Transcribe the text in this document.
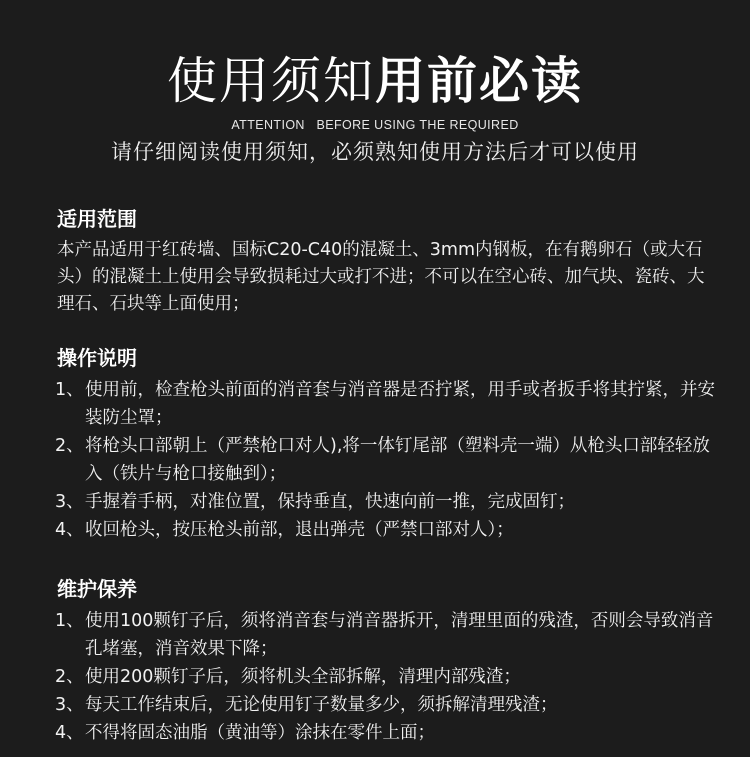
使用须知用前必读
ATTENTION   BEFORE USING THE REQUIRED
请仔细阅读使用须知，必须熟知使用方法后才可以使用
适用范围

本产品适用于红砖墙、国标C20-C40的混凝土、3mm内钢板，在有鹅卵石（或大石头）的混凝土上使用会导致损耗过大或打不进；不可以在空心砖、加气块、瓷砖、大理石、石块等上面使用；

操作说明
1、 使用前，检查枪头前面的消音套与消音器是否拧紧，用手或者扳手将其拧紧，并安装防尘罩；
2、 将枪头口部朝上（严禁枪口对人),将一体钉尾部（塑料壳一端）从枪头口部轻轻放入（铁片与枪口接触到）；
3、 手握着手柄，对准位置，保持垂直，快速向前一推，完成固钉；
4、 收回枪头，按压枪头前部，退出弹壳（严禁口部对人）；
维护保养
1、 使用100颗钉子后，须将消音套与消音器拆开，清理里面的残渣，否则会导致消音孔堵塞，消音效果下降；
2、 使用200颗钉子后，须将机头全部拆解，清理内部残渣；
3、 每天工作结束后，无论使用钉子数量多少，须拆解清理残渣；
4、 不得将固态油脂（黄油等）涂抹在零件上面；
